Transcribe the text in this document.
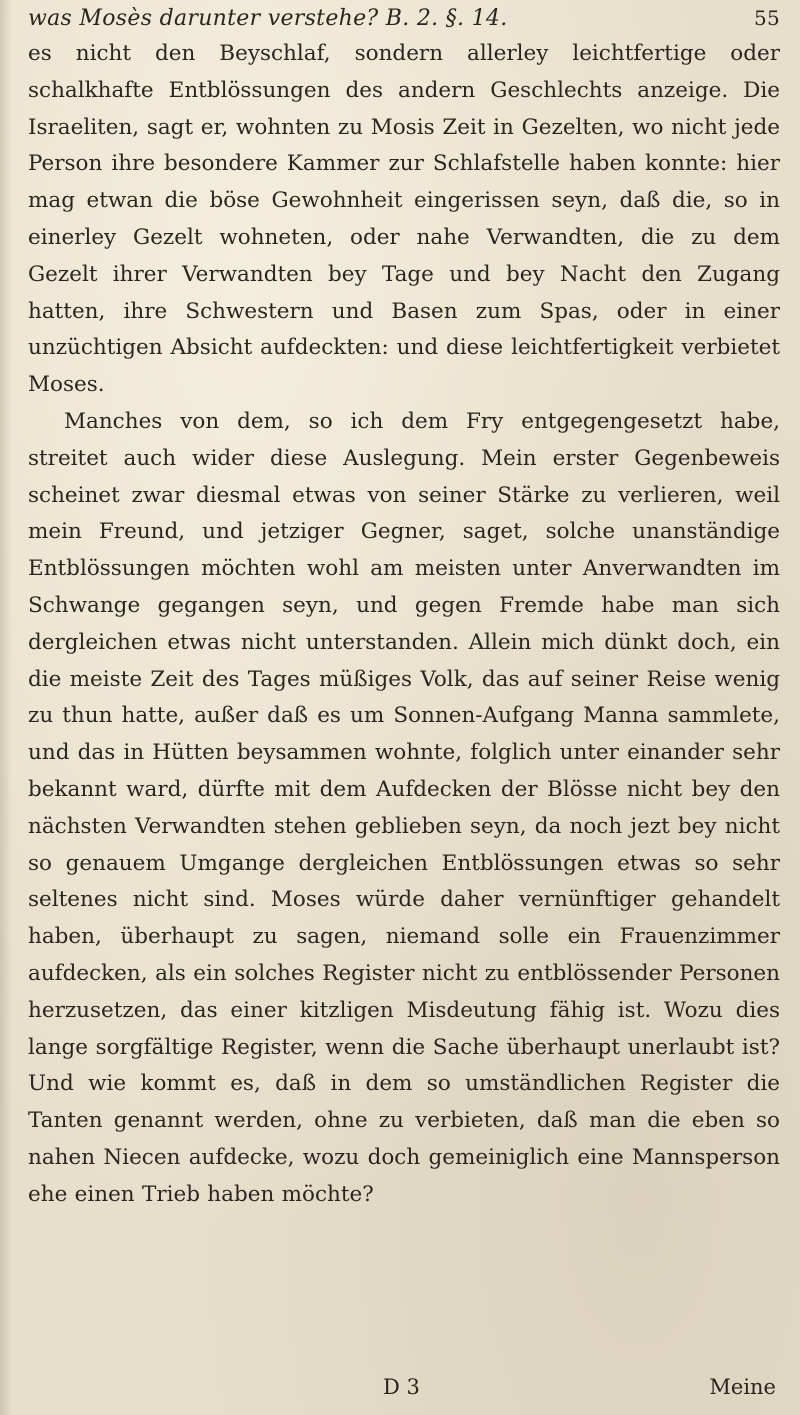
was Mosès darunter verstehe? B. 2. §. 14.	55

es nicht den Beyschlaf, sondern allerley leichtfertige oder schalkhafte Entblössungen des andern Geschlechts anzeige. Die Israeliten, sagt er, wohnten zu Mosis Zeit in Gezelten, wo nicht jede Person ihre besondere Kammer zur Schlafstelle haben konnte: hier mag etwan die böse Gewohnheit eingerissen seyn, daß die, so in einerley Gezelt wohneten, oder nahe Verwandten, die zu dem Gezelt ihrer Verwandten bey Tage und bey Nacht den Zugang hatten, ihre Schwestern und Basen zum Spas, oder in einer unzüchtigen Absicht aufdeckten: und diese leichtfertigkeit verbietet Moses.

Manches von dem, so ich dem Fry entgegengesetzt habe, streitet auch wider diese Auslegung. Mein erster Gegenbeweis scheinet zwar diesmal etwas von seiner Stärke zu verlieren, weil mein Freund, und jetziger Gegner, saget, solche unanständige Entblössungen möchten wohl am meisten unter Anverwandten im Schwange gegangen seyn, und gegen Fremde habe man sich dergleichen etwas nicht unterstanden. Allein mich dünkt doch, ein die meiste Zeit des Tages müßiges Volk, das auf seiner Reise wenig zu thun hatte, außer daß es um Sonnen-Aufgang Manna sammlete, und das in Hütten beysammen wohnte, folglich unter einander sehr bekannt ward, dürfte mit dem Aufdecken der Blösse nicht bey den nächsten Verwandten stehen geblieben seyn, da noch jezt bey nicht so genauem Umgange dergleichen Entblössungen etwas so sehr seltenes nicht sind. Moses würde daher vernünftiger gehandelt haben, überhaupt zu sagen, niemand solle ein Frauenzimmer aufdecken, als ein solches Register nicht zu entblössender Personen herzusetzen, das einer kitzligen Misdeutung fähig ist. Wozu dies lange sorgfältige Register, wenn die Sache überhaupt unerlaubt ist? Und wie kommt es, daß in dem so umständlichen Register die Tanten genannt werden, ohne zu verbieten, daß man die eben so nahen Niecen aufdecke, wozu doch gemeiniglich eine Mannsperson ehe einen Trieb haben möchte?

D 3	Meine
